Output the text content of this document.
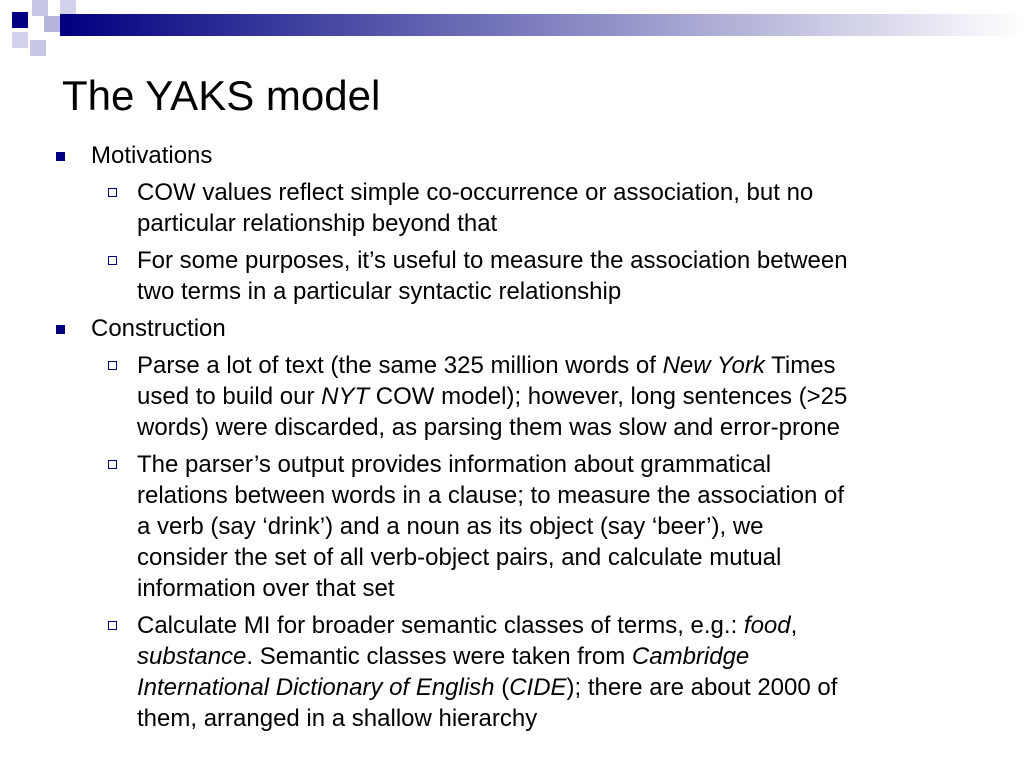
The YAKS model
Motivations
COW values reflect simple co-occurrence or association, but no
particular relationship beyond that
For some purposes, it’s useful to measure the association between
two terms in a particular syntactic relationship
Construction
Parse a lot of text (the same 325 million words of New York Times
used to build our NYT COW model); however, long sentences (>25
words) were discarded, as parsing them was slow and error-prone
The parser’s output provides information about grammatical
relations between words in a clause; to measure the association of
a verb (say ‘drink’) and a noun as its object (say ‘beer’), we
consider the set of all verb-object pairs, and calculate mutual
information over that set
Calculate MI for broader semantic classes of terms, e.g.: food,
substance. Semantic classes were taken from Cambridge
International Dictionary of English (CIDE); there are about 2000 of
them, arranged in a shallow hierarchy
